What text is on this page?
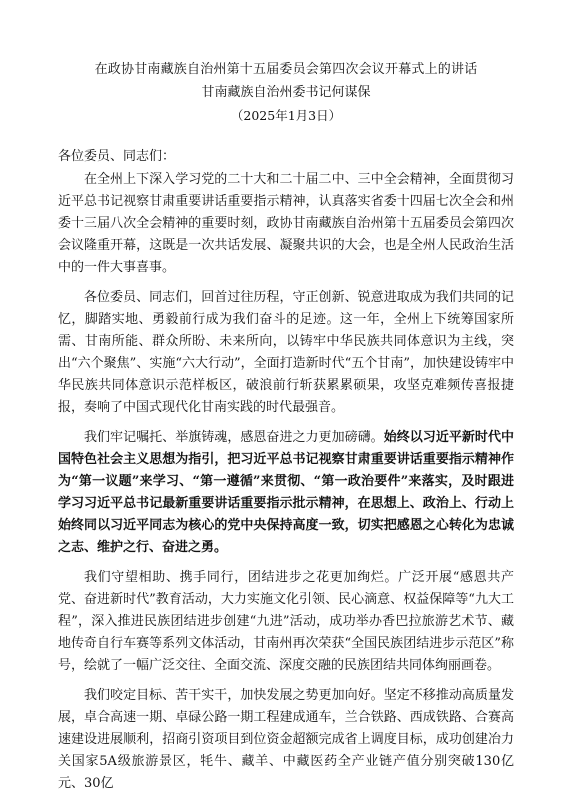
在政协甘南藏族自治州第十五届委员会第四次会议开幕式上的讲话
甘南藏族自治州委书记何谋保
（2025年1月3日）

各位委员、同志们：

在全州上下深入学习党的二十大和二十届二中、三中全会精神，全面贯彻习近平总书记视察甘肃重要讲话重要指示精神，认真落实省委十四届七次全会和州委十三届八次全会精神的重要时刻，政协甘南藏族自治州第十五届委员会第四次会议隆重开幕，这既是一次共话发展、凝聚共识的大会，也是全州人民政治生活中的一件大事喜事。

各位委员、同志们，回首过往历程，守正创新、锐意进取成为我们共同的记忆，脚踏实地、勇毅前行成为我们奋斗的足迹。这一年，全州上下统筹国家所需、甘南所能、群众所盼、未来所向，以铸牢中华民族共同体意识为主线，突出“六个聚焦”、实施“六大行动”，全面打造新时代“五个甘南”，加快建设铸牢中华民族共同体意识示范样板区，破浪前行斩获累累硕果，攻坚克难频传喜报捷报，奏响了中国式现代化甘南实践的时代最强音。

我们牢记嘱托、举旗铸魂，感恩奋进之力更加磅礴。始终以习近平新时代中国特色社会主义思想为指引，把习近平总书记视察甘肃重要讲话重要指示精神作为“第一议题”来学习、“第一遵循”来贯彻、“第一政治要件”来落实，及时跟进学习习近平总书记最新重要讲话重要指示批示精神，在思想上、政治上、行动上始终同以习近平同志为核心的党中央保持高度一致，切实把感恩之心转化为忠诚之志、维护之行、奋进之勇。

我们守望相助、携手同行，团结进步之花更加绚烂。广泛开展“感恩共产党、奋进新时代”教育活动，大力实施文化引领、民心滴意、权益保障等“九大工程”，深入推进民族团结进步创建“九进”活动，成功举办香巴拉旅游艺术节、藏地传奇自行车赛等系列文体活动，甘南州再次荣获“全国民族团结进步示范区”称号，绘就了一幅广泛交往、全面交流、深度交融的民族团结共同体绚丽画卷。

我们咬定目标、苦干实干，加快发展之势更加向好。坚定不移推动高质量发展，卓合高速一期、卓碌公路一期工程建成通车，兰合铁路、西成铁路、合赛高速建设进展顺利，招商引资项目到位资金超额完成省上调度目标，成功创建冶力关国家5A级旅游景区，牦牛、藏羊、中藏医药全产业链产值分别突破130亿元、30亿
